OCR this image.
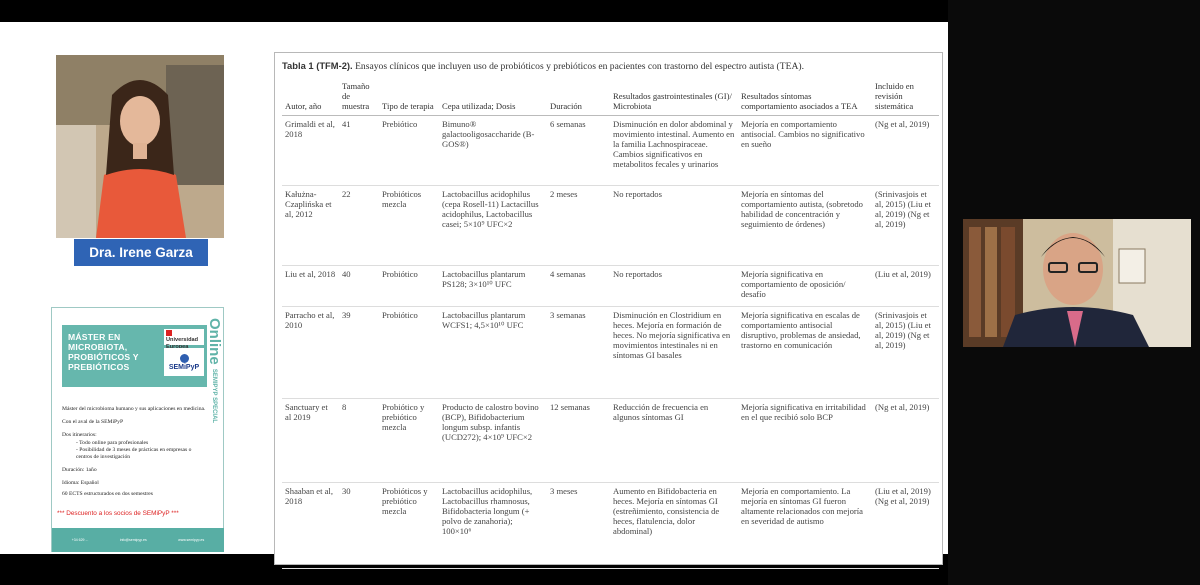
Dra. Irene Garza
MÁSTER EN MICROBIOTA, PROBIÓTICOS Y PREBIÓTICOS
Universidad
SEMiPyP
Online SEMIPYP SPECIAL

Máster del microbioma humano y sus aplicaciones en medicina.

Con el aval de la SEMiPyP

Dos itinerarios:

- Todo online para profesionales

- Posibilidad de 3 meses de prácticas en empresas o centros de investigación

Duración: 1año

Idioma: Español

60 ECTS estructurados en dos semestres

*** Descuento a los socios de SEMiPyP ***
+34 629 ...	info@semipyp.es	www.semipyp.es
Tabla 1 (TFM-2). Ensayos clínicos que incluyen uso de probióticos y prebióticos en pacientes con trastorno del espectro autista (TEA).
Autor, año	Tamaño de muestra	Tipo de terapia	Cepa utilizada; Dosis	Duración	Resultados gastrointestinales (GI)/ Microbiota	Resultados síntomas comportamiento asociados a TEA	Incluido en revisión sistemática
Grimaldi et al, 2018	41	Prebiótico	Bimuno® galactooligosaccharide (B-GOS®)	6 semanas	Disminución en dolor abdominal y movimiento intestinal. Aumento en la familia Lachnospiraceae. Cambios significativos en metabolitos fecales y urinarios	Mejoría en comportamiento antisocial. Cambios no significativo en sueño	(Ng et al, 2019)
Kałużna-Czaplińska et al, 2012	22	Probióticos mezcla	Lactobacillus acidophilus (cepa Rosell-11) Lactacillus acidophilus, Lactobacillus casei; 5×10⁹ UFC×2	2 meses	No reportados	Mejoría en síntomas del comportamiento autista, (sobretodo habilidad de concentración y seguimiento de órdenes)	(Srinivasjois et al, 2015) (Liu et al, 2019) (Ng et al, 2019)
Liu et al, 2018	40	Probiótico	Lactobacillus plantarum PS128; 3×10¹⁰ UFC	4 semanas	No reportados	Mejoría significativa en comportamiento de oposición/ desafío	(Liu et al, 2019)
Parracho et al, 2010	39	Probiótico	Lactobacillus plantarum WCFS1; 4,5×10¹⁰ UFC	3 semanas	Disminución en Clostridium en heces. Mejoría en formación de heces. No mejoría significativa en movimientos intestinales ni en síntomas GI basales	Mejoría significativa en escalas de comportamiento antisocial disruptivo, problemas de ansiedad, trastorno en comunicación	(Srinivasjois et al, 2015) (Liu et al, 2019) (Ng et al, 2019)
Sanctuary et al 2019	8	Probiótico y prebiótico mezcla	Producto de calostro bovino (BCP), Bifidobacterium longum subsp. infantis (UCD272); 4×10⁹ UFC×2	12 semanas	Reducción de frecuencia en algunos síntomas GI	Mejoría significativa en irritabilidad en el que recibió solo BCP	(Ng et al, 2019)
Shaaban et al, 2018	30	Probióticos y prebiótico mezcla	Lactobacillus acidophilus, Lactobacillus rhamnosus, Bifidobacteria longum (+ polvo de zanahoria); 100×10⁶	3 meses	Aumento en Bifidobacteria en heces. Mejoría en síntomas GI (estreñimiento, consistencia de heces, flatulencia, dolor abdominal)	Mejoría en comportamiento. La mejoría en síntomas GI fueron altamente relacionados con mejoría en severidad de autismo	(Liu et al, 2019) (Ng et al, 2019)
